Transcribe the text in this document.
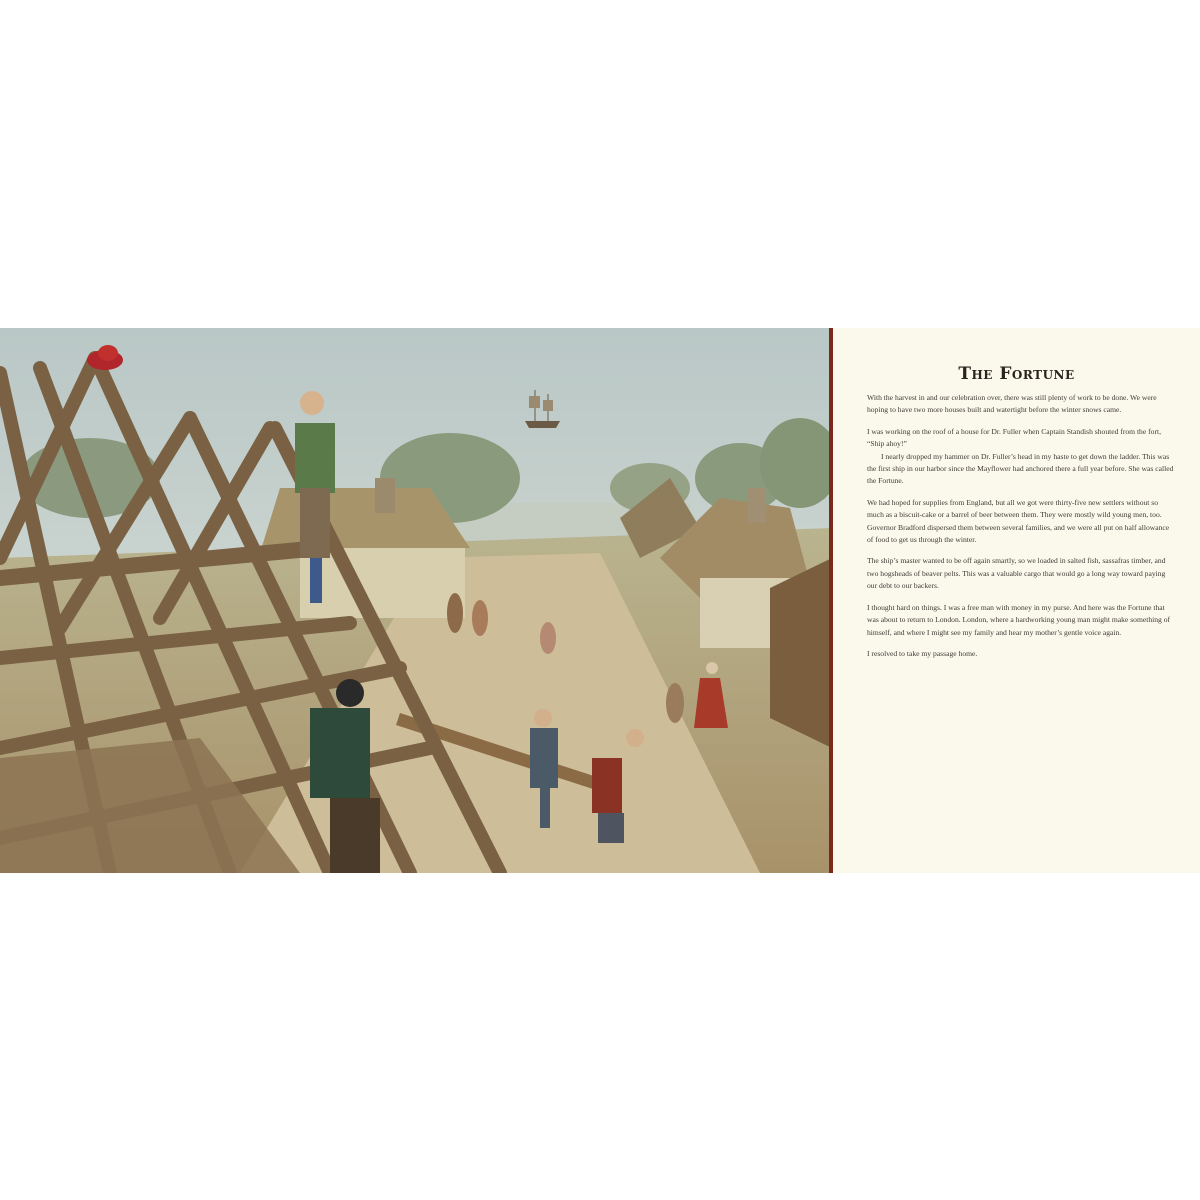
The Fortune

With the harvest in and our celebration over, there was still plenty of work to be done. We were hoping to have two more houses built and watertight before the winter snows came.

I was working on the roof of a house for Dr. Fuller when Captain Standish shouted from the fort, “Ship ahoy!”

I nearly dropped my hammer on Dr. Fuller’s head in my haste to get down the ladder. This was the first ship in our harbor since the Mayflower had anchored there a full year before. She was called the Fortune.

We had hoped for supplies from England, but all we got were thirty-five new settlers without so much as a biscuit-cake or a barrel of beer between them. They were mostly wild young men, too. Governor Bradford dispersed them between several families, and we were all put on half allowance of food to get us through the winter.

The ship’s master wanted to be off again smartly, so we loaded in salted fish, sassafras timber, and two hogsheads of beaver pelts. This was a valuable cargo that would go a long way toward paying our debt to our backers.

I thought hard on things. I was a free man with money in my purse. And here was the Fortune that was about to return to London. London, where a hardworking young man might make something of himself, and where I might see my family and hear my mother’s gentle voice again.

I resolved to take my passage home.
